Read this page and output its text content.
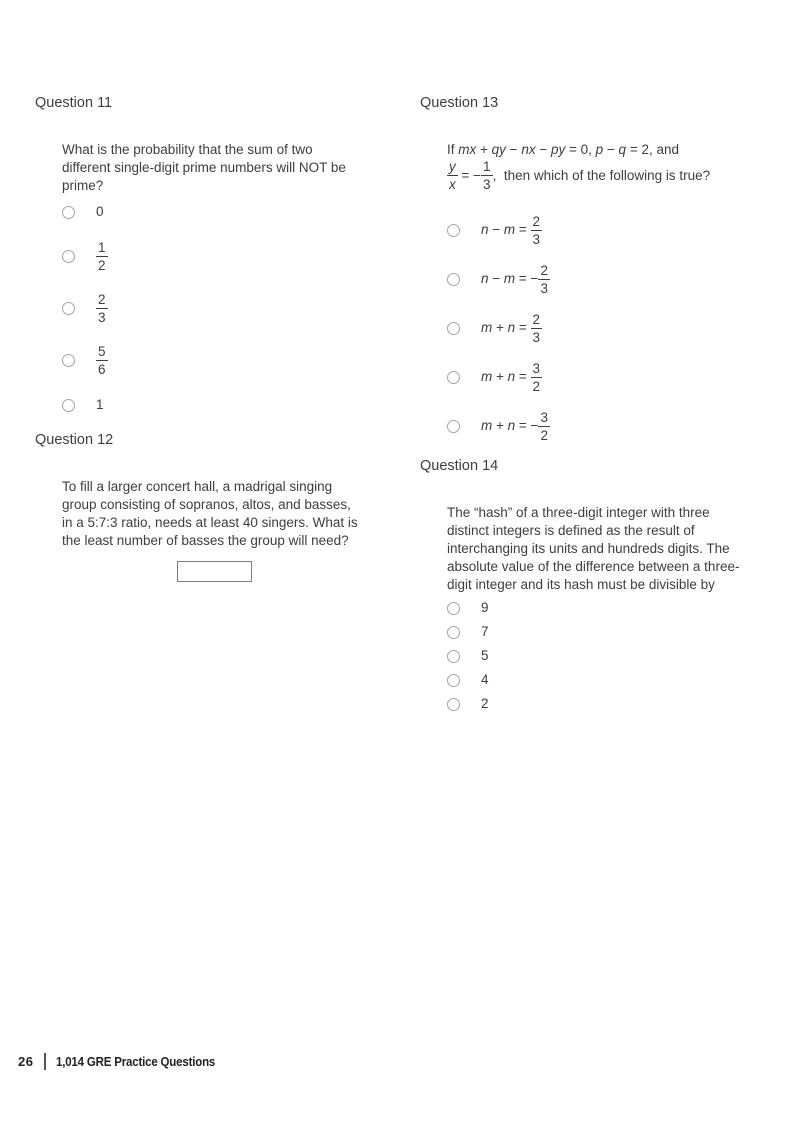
Question 11

What is the probability that the sum of two different single-digit prime numbers will NOT be prime?

0
$\frac{1}{2}$
$\frac{2}{3}$
$\frac{5}{6}$
1
Question 12

To fill a larger concert hall, a madrigal singing group consisting of sopranos, altos, and basses, in a 5:7:3 ratio, needs at least 40 singers. What is the least number of basses the group will need?

Question 13
If mx + qy − nx − py = 0, p − q = 2, and
$\frac{y}{x}$ = − $\frac{1}{3}$ ,  then which of the following is true?
$n - m = \frac{2}{3}$
n − m = − $\frac{2}{3}$
$m + n = \frac{2}{3}$
$m + n = \frac{3}{2}$
m + n = − $\frac{3}{2}$
Question 14

The “hash” of a three-digit integer with three distinct integers is defined as the result of interchanging its units and hundreds digits. The absolute value of the difference between a three-digit integer and its hash must be divisible by

9
7
5
4
2
26 1,014 GRE Practice Questions
